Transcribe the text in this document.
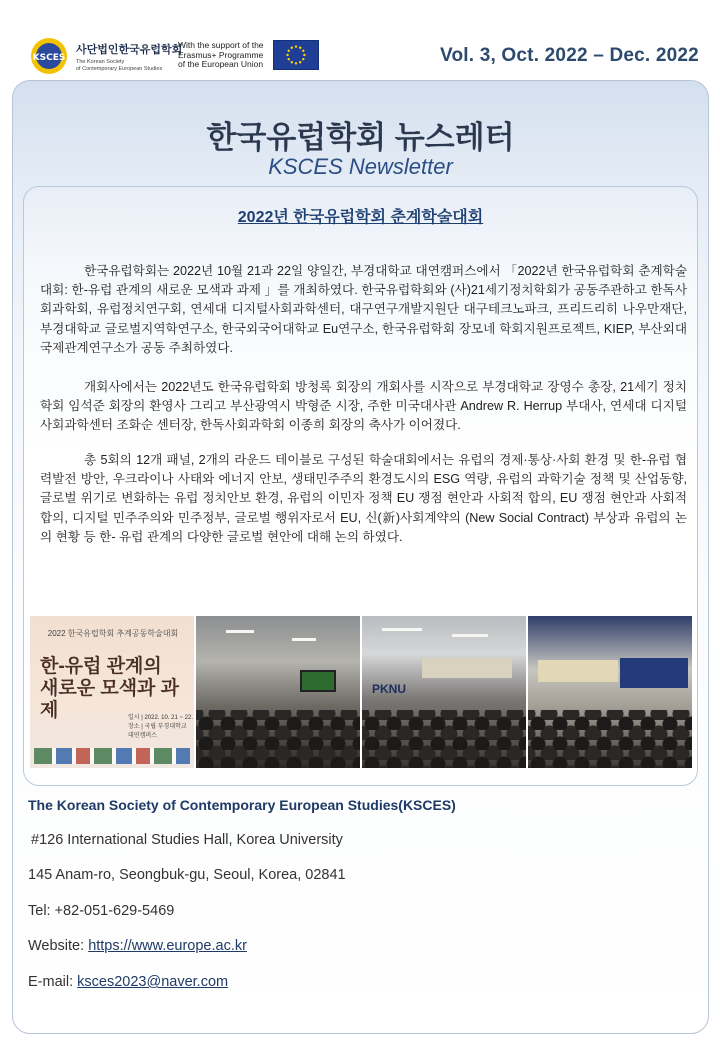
KSCES
사단법인한국유럽학회
The Korean Society
of Contemporary European Studies
With the support of the
Erasmus+ Programme
of the European Union	Vol. 3, Oct. 2022 – Dec. 2022
한국유럽학회 뉴스레터
KSCES Newsletter
2022년 한국유럽학회 춘계학술대회

한국유럽학회는 2022년 10월 21과 22일 양일간, 부경대학교 대연캠퍼스에서 「2022년 한국유럽학회 춘계학술대회: 한-유럽 관계의 새로운 모색과 과제 」를 개최하였다. 한국유럽학회와 (사)21세기정치학회가 공동주관하고 한독사회과학회, 유럽정치연구회, 연세대 디지털사회과학센터, 대구연구개발지원단 대구테크노파크, 프리드리히 나우만재단, 부경대학교 글로벌지역학연구소, 한국외국어대학교 Eu연구소, 한국유럽학회 장모네 학회지원프로젝트, KIEP, 부산외대 국제관계연구소가 공동 주최하였다.

개회사에서는 2022년도 한국유럽학회 방청록 회장의 개회사를 시작으로 부경대학교 장영수 총장, 21세기 정치학회 임석준 회장의 환영사 그리고 부산광역시 박형준 시장, 주한 미국대사관 Andrew R. Herrup 부대사, 연세대 디지털사회과학센터 조화순 센터장, 한독사회과학회 이종희 회장의 축사가 이어졌다.

총 5회의 12개 패널, 2개의 라운드 테이블로 구성된 학술대회에서는 유럽의 경제·통상·사회 환경 및 한-유럽 협력발전 방안, 우크라이나 사태와 에너지 안보, 생태민주주의 환경도시의 ESG 역량, 유럽의 과학기술 정책 및 산업동향, 글로벌 위기로 변화하는 유럽 정치안보 환경, 유럽의 이민자 정책 EU 쟁점 현안과 사회적 합의, EU 쟁점 현안과 사회적 합의, 디지털 민주주의와 민주정부, 글로벌 행위자로서 EU, 신(新)사회계약의 (New Social Contract) 부상과 유럽의 논의 현황 등 한- 유럽 관계의 다양한 글로벌 현안에 대해 논의 하였다.

2022 한국유럽학회 추계공동학술대회
한-유럽 관계의
새로운 모색과 과제	일시 | 2022. 10. 21 ~ 22.
장소 | 국립 부경대학교 대연캠퍼스
PKNU
The Korean Society of Contemporary European Studies(KSCES)
#126 International Studies Hall, Korea University
145 Anam-ro, Seongbuk-gu, Seoul, Korea, 02841
Tel: +82-051-629-5469
Website: https://www.europe.ac.kr
E-mail: ksces2023@naver.com
